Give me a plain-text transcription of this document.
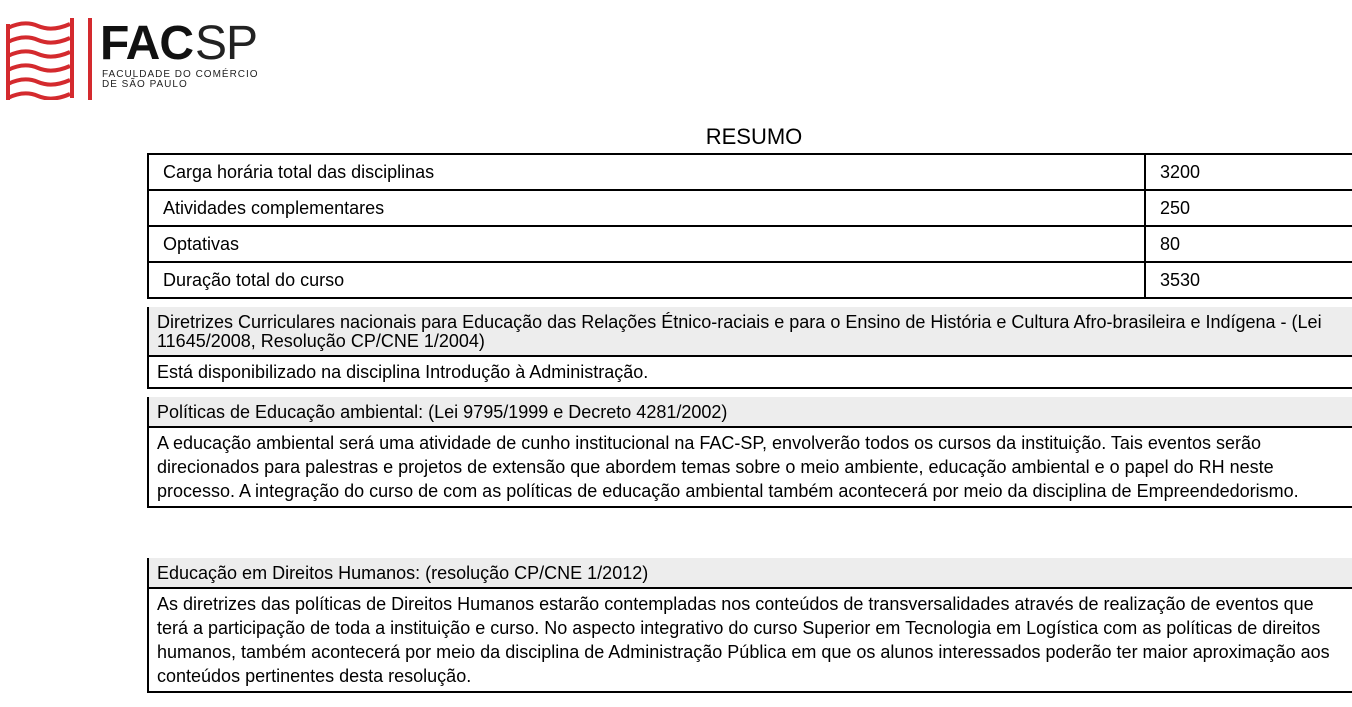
FACSP
FACULDADE DO COMÉRCIO
DE SÃO PAULO
RESUMO
Carga horária total das disciplinas	3200
Atividades complementares	250
Optativas	80
Duração total do curso	3530
Diretrizes Curriculares nacionais para Educação das Relações Étnico-raciais e para o Ensino de História e Cultura Afro-brasileira e Indígena - (Lei 11645/2008, Resolução CP/CNE 1/2004)
Está disponibilizado na disciplina Introdução à Administração.
Políticas de Educação ambiental: (Lei 9795/1999 e Decreto 4281/2002)
A educação ambiental será uma atividade de cunho institucional na FAC-SP, envolverão todos os cursos da instituição. Tais eventos serão direcionados para palestras e projetos de extensão que abordem temas sobre o meio ambiente, educação ambiental e o papel do RH neste processo. A integração do curso de com as políticas de educação ambiental também acontecerá por meio da disciplina de Empreendedorismo.
Educação em Direitos Humanos: (resolução CP/CNE 1/2012)
As diretrizes das políticas de Direitos Humanos estarão contempladas nos conteúdos de transversalidades através de realização de eventos que terá a participação de toda a instituição e curso. No aspecto integrativo do curso Superior em Tecnologia em Logística com as políticas de direitos humanos, também acontecerá por meio da disciplina de Administração Pública em que os alunos interessados poderão ter maior aproximação aos conteúdos pertinentes desta resolução.
